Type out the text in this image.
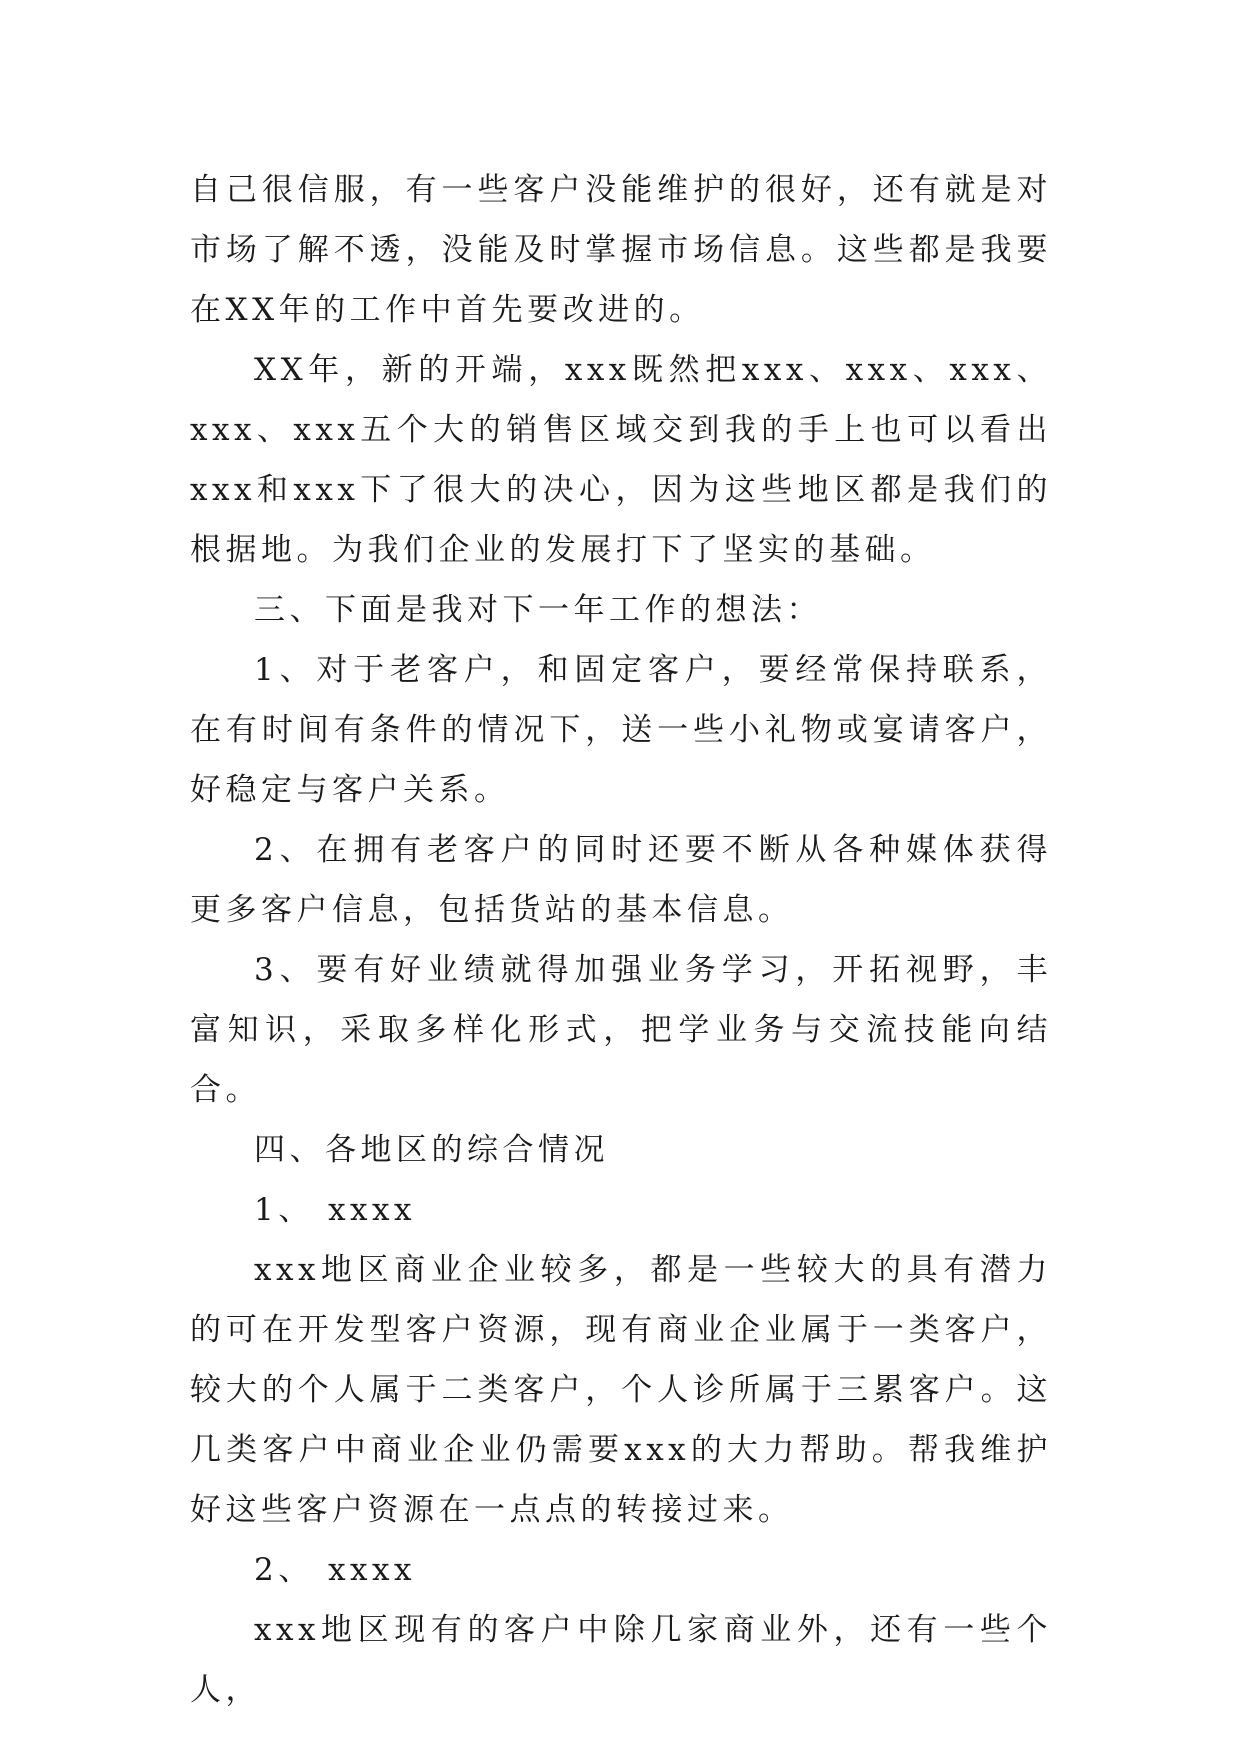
自己很信服，有一些客户没能维护的很好，还有就是对市场了解不透，没能及时掌握市场信息。这些都是我要在XX年的工作中首先要改进的。

XX年，新的开端，xxx既然把xxx、xxx、xxx、xxx、xxx五个大的销售区域交到我的手上也可以看出xxx和xxx下了很大的决心，因为这些地区都是我们的根据地。为我们企业的发展打下了坚实的基础。

三、下面是我对下一年工作的想法：

1、对于老客户，和固定客户，要经常保持联系，在有时间有条件的情况下，送一些小礼物或宴请客户，好稳定与客户关系。

2、在拥有老客户的同时还要不断从各种媒体获得更多客户信息，包括货站的基本信息。

3、要有好业绩就得加强业务学习，开拓视野，丰富知识，采取多样化形式，把学业务与交流技能向结合。

四、各地区的综合情况

1、 xxxx

xxx地区商业企业较多，都是一些较大的具有潜力的可在开发型客户资源，现有商业企业属于一类客户，较大的个人属于二类客户，个人诊所属于三累客户。这几类客户中商业企业仍需要xxx的大力帮助。帮我维护好这些客户资源在一点点的转接过来。

2、 xxxx

xxx地区现有的客户中除几家商业外，还有一些个人，
